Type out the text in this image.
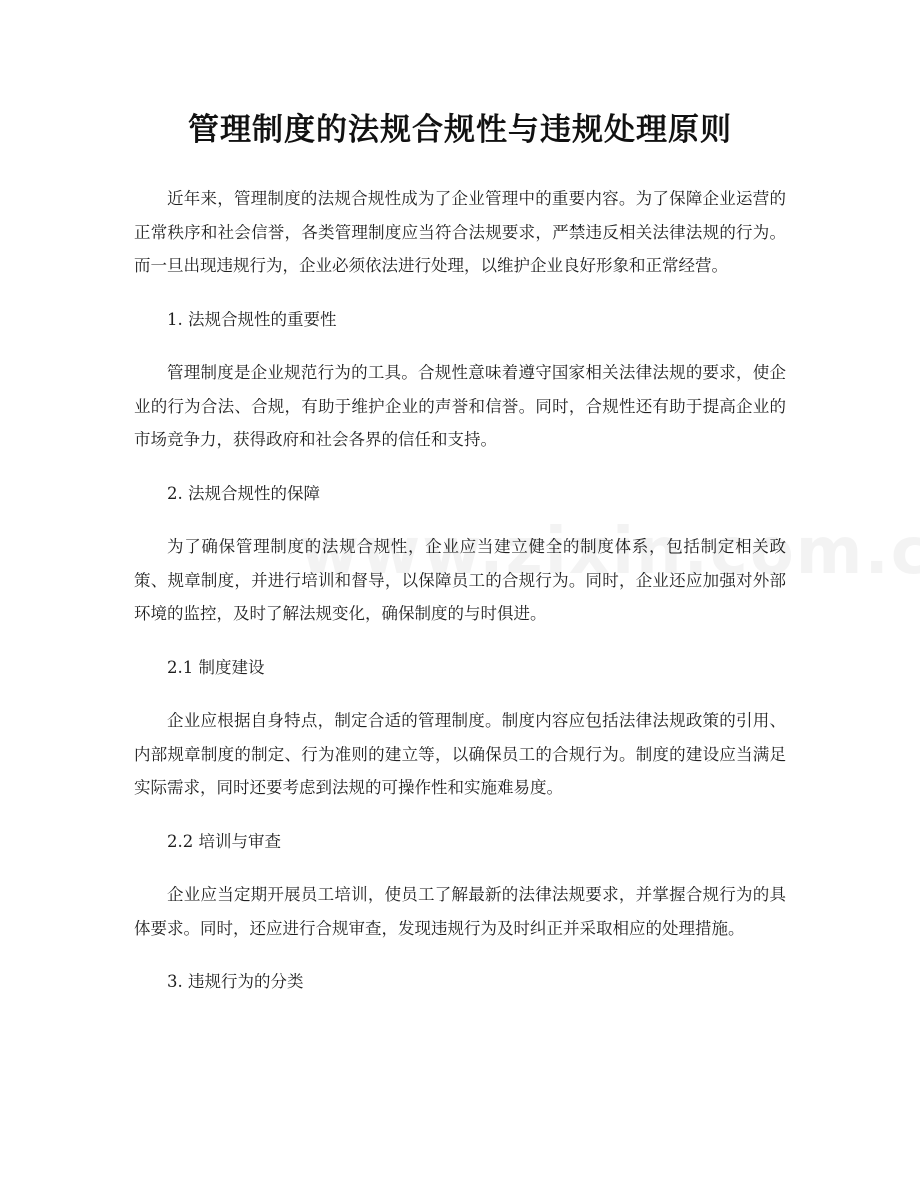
管理制度的法规合规性与违规处理原则

近年来，管理制度的法规合规性成为了企业管理中的重要内容。为了保障企业运营的正常秩序和社会信誉，各类管理制度应当符合法规要求，严禁违反相关法律法规的行为。而一旦出现违规行为，企业必须依法进行处理，以维护企业良好形象和正常经营。

1. 法规合规性的重要性

管理制度是企业规范行为的工具。合规性意味着遵守国家相关法律法规的要求，使企业的行为合法、合规，有助于维护企业的声誉和信誉。同时，合规性还有助于提高企业的市场竞争力，获得政府和社会各界的信任和支持。

2. 法规合规性的保障

为了确保管理制度的法规合规性，企业应当建立健全的制度体系，包括制定相关政策、规章制度，并进行培训和督导，以保障员工的合规行为。同时，企业还应加强对外部环境的监控，及时了解法规变化，确保制度的与时俱进。

2.1 制度建设

企业应根据自身特点，制定合适的管理制度。制度内容应包括法律法规政策的引用、内部规章制度的制定、行为准则的建立等，以确保员工的合规行为。制度的建设应当满足实际需求，同时还要考虑到法规的可操作性和实施难易度。

2.2 培训与审查

企业应当定期开展员工培训，使员工了解最新的法律法规要求，并掌握合规行为的具体要求。同时，还应进行合规审查，发现违规行为及时纠正并采取相应的处理措施。

3. 违规行为的分类
